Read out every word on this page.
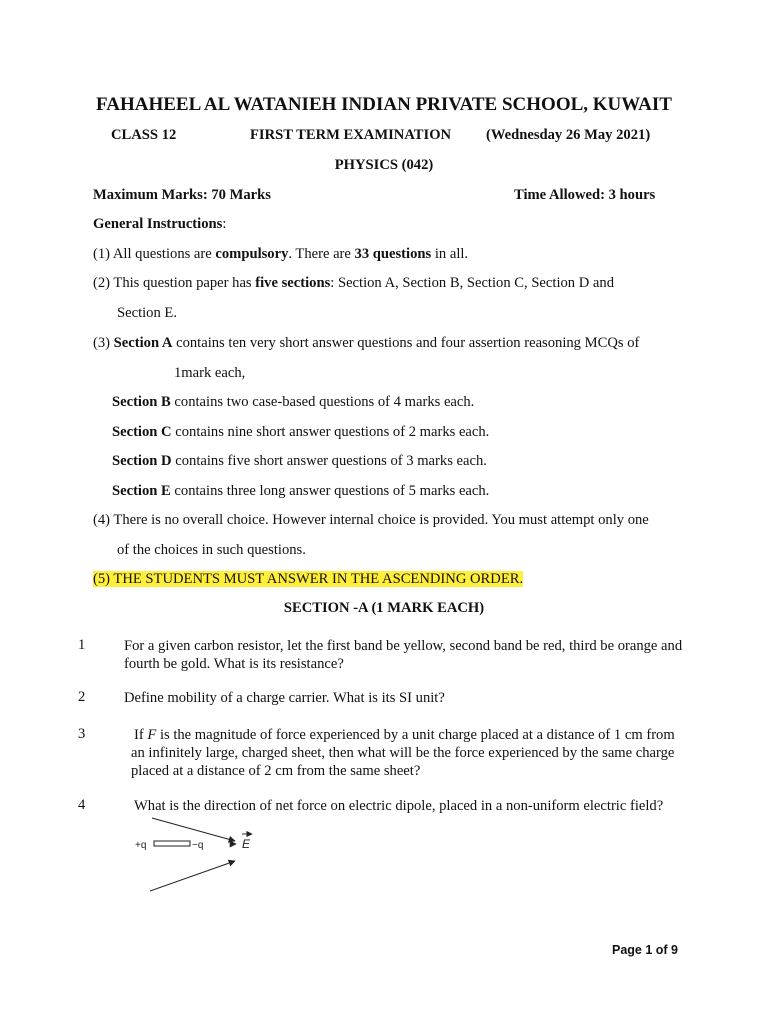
FAHAHEEL AL WATANIEH INDIAN PRIVATE SCHOOL, KUWAIT
CLASS 12	FIRST TERM EXAMINATION (Wednesday 26 May 2021)
PHYSICS (042)
Maximum Marks: 70 Marks	Time Allowed: 3 hours
General Instructions:
(1) All questions are compulsory. There are 33 questions in all.
(2) This question paper has five sections: Section A, Section B, Section C, Section D and
Section E.
(3) Section A contains ten very short answer questions and four assertion reasoning MCQs of
1mark each,
Section B contains two case-based questions of 4 marks each.
Section C contains nine short answer questions of 2 marks each.
Section D contains five short answer questions of 3 marks each.
Section E contains three long answer questions of 5 marks each.
(4) There is no overall choice. However internal choice is provided. You must attempt only one
of the choices in such questions.
(5) THE STUDENTS MUST ANSWER IN THE ASCENDING ORDER.
SECTION -A (1 MARK EACH)
1	For a given carbon resistor, let the first band be yellow, second band be red, third be orange and fourth be gold. What is its resistance?
2	Define mobility of a charge carrier. What is its SI unit?
3	If F is the magnitude of force experienced by a unit charge placed at a distance of 1 cm from an infinitely large, charged sheet, then what will be the force experienced by the same charge placed at a distance of 2 cm from the same sheet?
4	What is the direction of net force on electric dipole, placed in a non-uniform electric field?
+q	−q	E
Page 1 of 9
